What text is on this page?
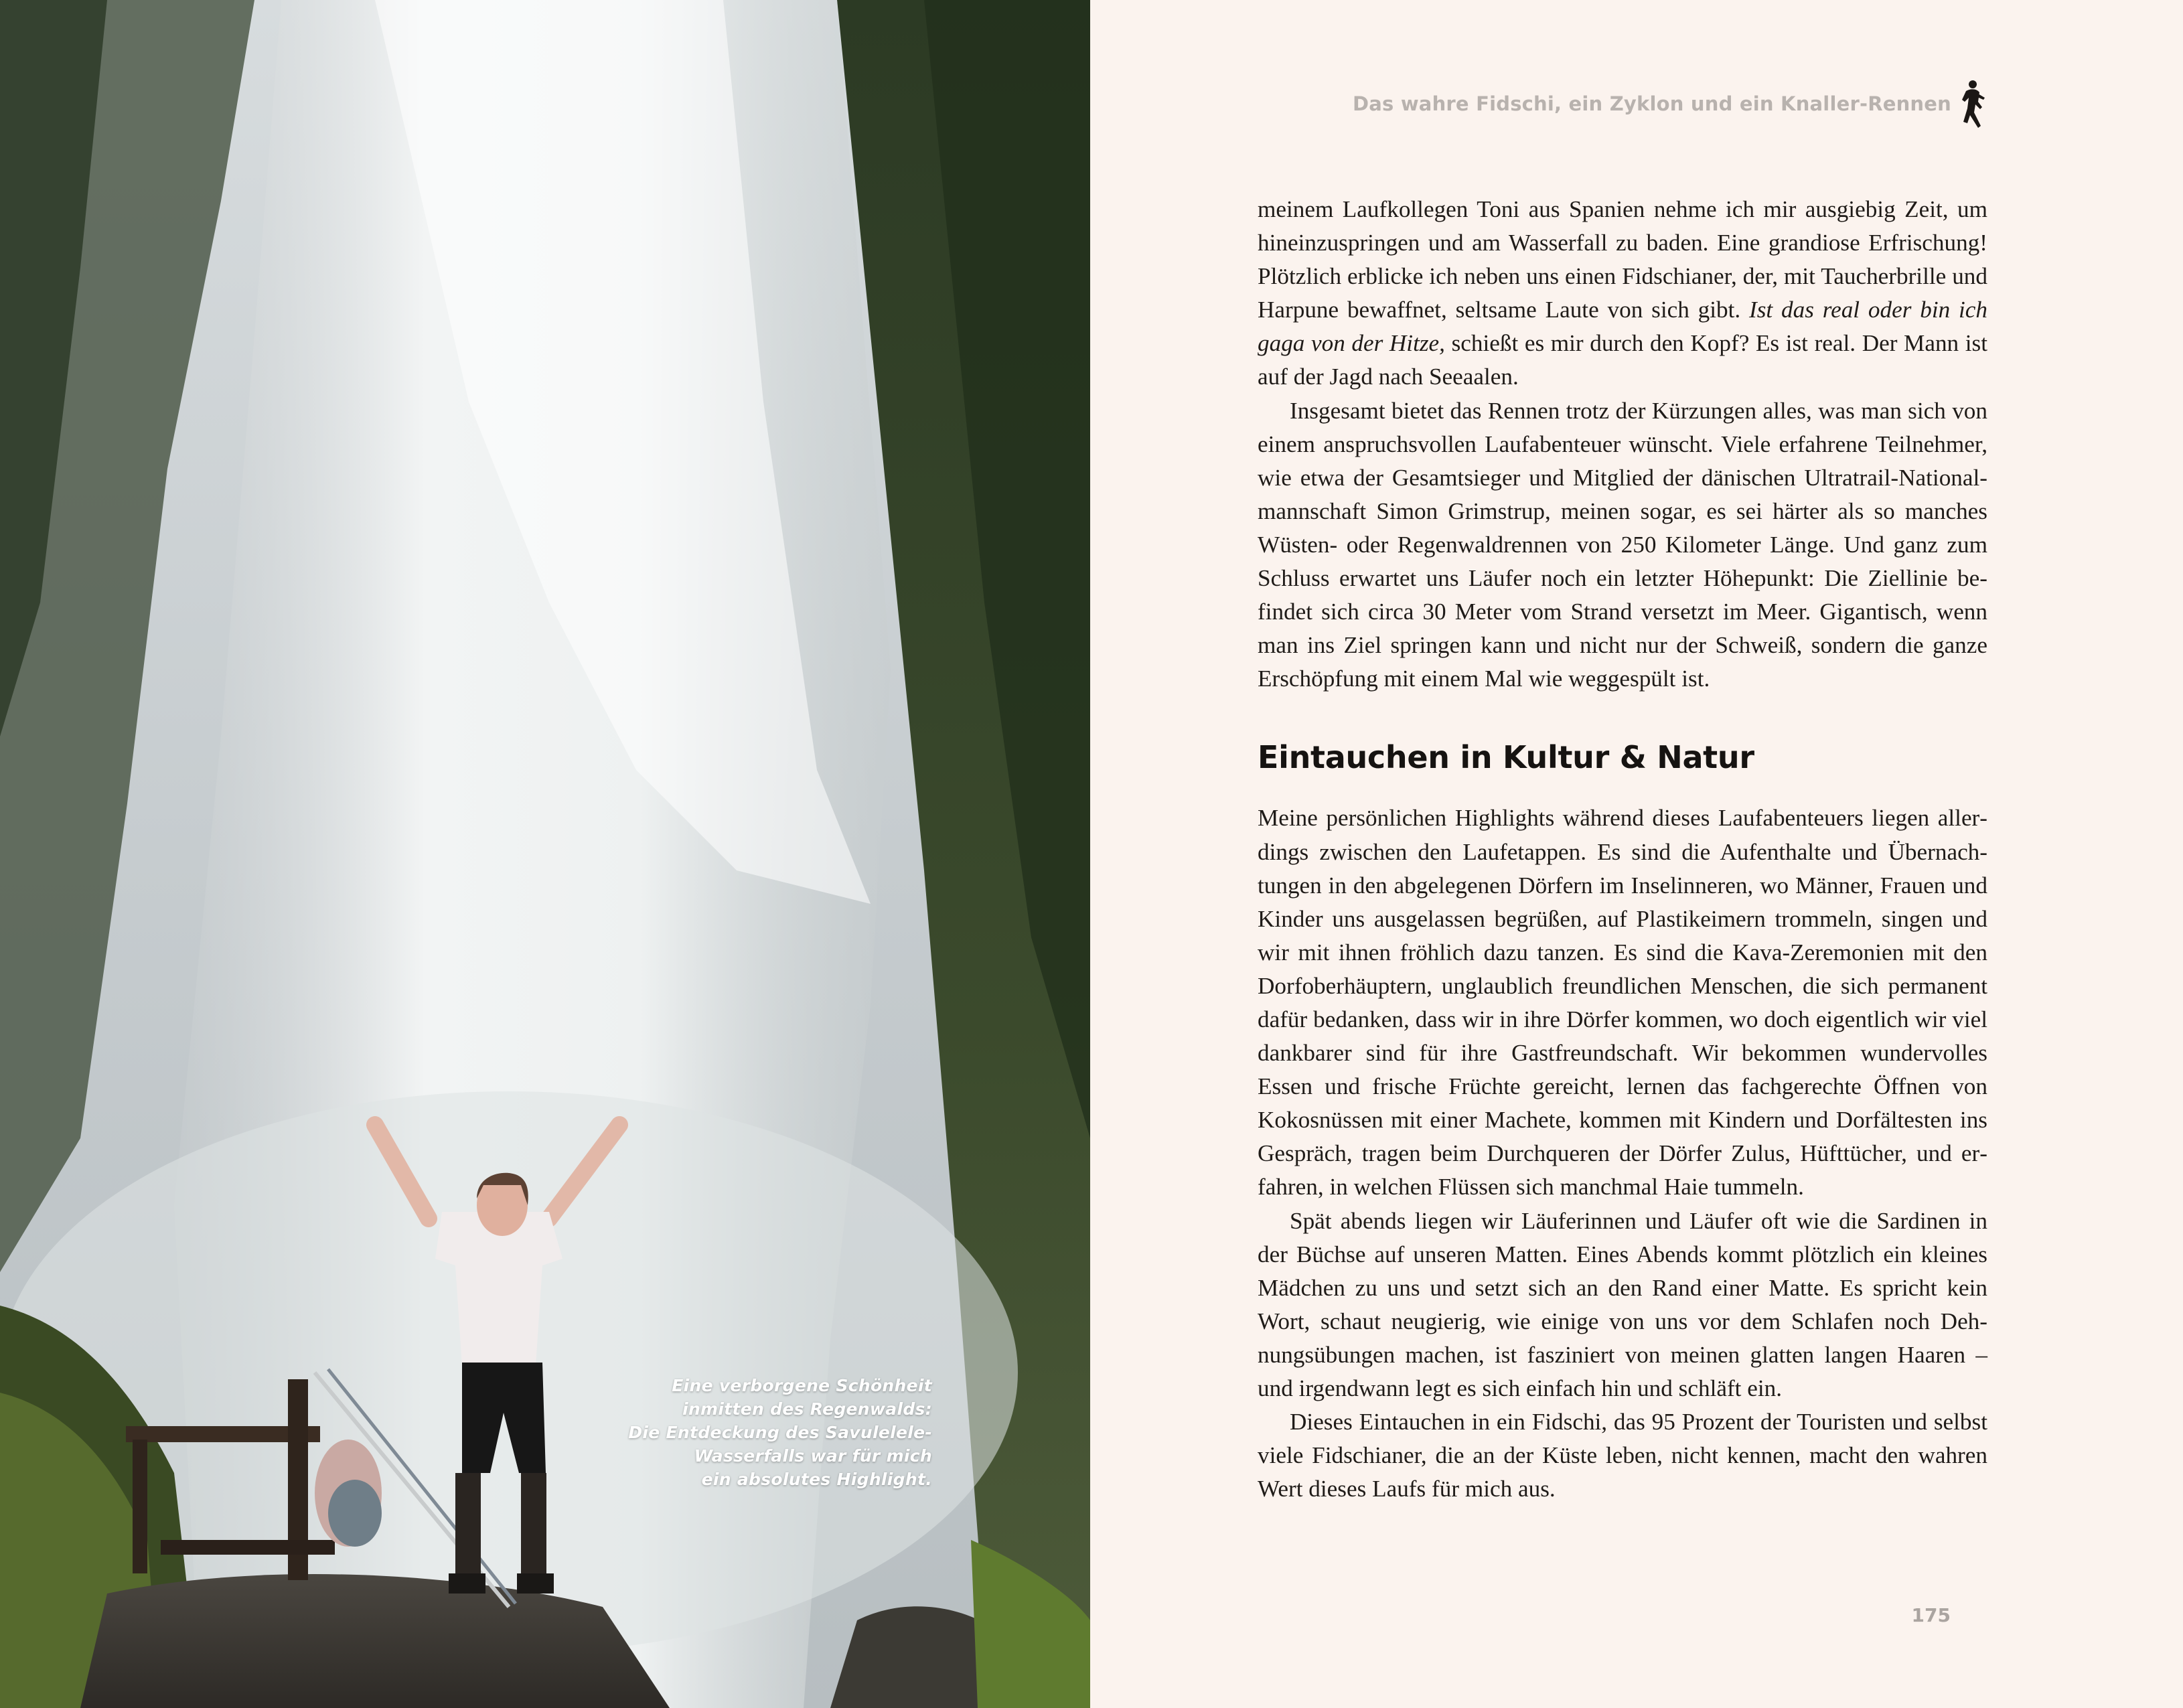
Eine verborgene Schönheit
inmitten des Regenwalds:
Die Entdeckung des Savulelele-
Wasserfalls war für mich
ein absolutes Highlight.
Das wahre Fidschi, ein Zyklon und ein Knaller-Rennen

meinem Laufkollegen Toni aus Spanien nehme ich mir ausgiebig Zeit, um hineinzuspringen und am Wasserfall zu baden. Eine grandiose Erfrischung! Plötzlich erblicke ich neben uns einen Fidschianer, der, mit Taucherbrille und Harpune bewaffnet, seltsame Laute von sich gibt. Ist das real oder bin ich gaga von der Hitze, schießt es mir durch den Kopf? Es ist real. Der Mann ist auf der Jagd nach Seeaalen.

Insgesamt bietet das Rennen trotz der Kürzungen alles, was man sich von einem anspruchsvollen Laufabenteuer wünscht. Viele erfahrene Teilnehmer, wie etwa der Gesamtsieger und Mitglied der dänischen Ultratrail-Nationalmannschaft Simon Grimstrup, meinen sogar, es sei härter als so manches Wüsten- oder Regenwaldrennen von 250 Kilometer Länge. Und ganz zum Schluss erwartet uns Läufer noch ein letzter Höhepunkt: Die Ziellinie befindet sich circa 30 Meter vom Strand versetzt im Meer. Gigantisch, wenn man ins Ziel springen kann und nicht nur der Schweiß, sondern die ganze Erschöpfung mit einem Mal wie weggespült ist.

Eintauchen in Kultur & Natur

Meine persönlichen Highlights während dieses Laufabenteuers liegen allerdings zwischen den Laufetappen. Es sind die Aufenthalte und Übernachtungen in den abgelegenen Dörfern im Inselinneren, wo Männer, Frauen und Kinder uns ausgelassen begrüßen, auf Plastikeimern trommeln, singen und wir mit ihnen fröhlich dazu tanzen. Es sind die Kava-Zeremonien mit den Dorfoberhäuptern, unglaublich freundlichen Menschen, die sich permanent dafür bedanken, dass wir in ihre Dörfer kommen, wo doch eigentlich wir viel dankbarer sind für ihre Gastfreundschaft. Wir bekommen wundervolles Essen und frische Früchte gereicht, lernen das fachgerechte Öffnen von Kokosnüssen mit einer Machete, kommen mit Kindern und Dorfältesten ins Gespräch, tragen beim Durchqueren der Dörfer Zulus, Hüfttücher, und erfahren, in welchen Flüssen sich manchmal Haie tummeln.

Spät abends liegen wir Läuferinnen und Läufer oft wie die Sardinen in der Büchse auf unseren Matten. Eines Abends kommt plötzlich ein kleines Mädchen zu uns und setzt sich an den Rand einer Matte. Es spricht kein Wort, schaut neugierig, wie einige von uns vor dem Schlafen noch Dehnungsübungen machen, ist fasziniert von meinen glatten langen Haaren – und irgendwann legt es sich einfach hin und schläft ein.

Dieses Eintauchen in ein Fidschi, das 95 Prozent der Touristen und selbst viele Fidschianer, die an der Küste leben, nicht kennen, macht den wahren Wert dieses Laufs für mich aus.

175
